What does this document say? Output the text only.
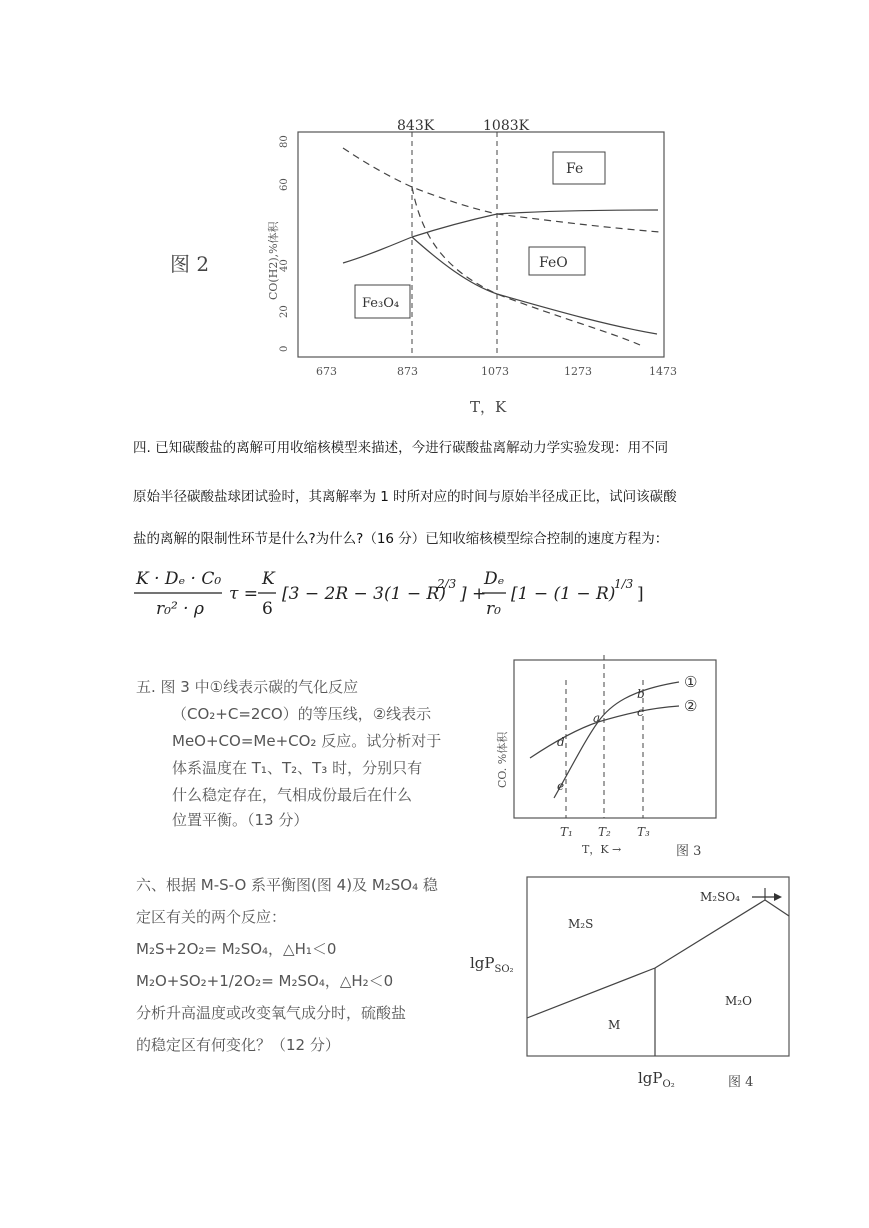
图 2	CO(H2),%体积
843K	1083K
0
20
40
60
80
673	873	1073	1273	1473
T，K
Fe
FeO
Fe₃O₄
四. 已知碳酸盐的离解可用收缩核模型来描述，今进行碳酸盐离解动力学实验发现：用不同
原始半径碳酸盐球团试验时，其离解率为 1 时所对应的时间与原始半径成正比，试问该碳酸
盐的离解的限制性环节是什么?为什么?（16 分）已知收缩核模型综合控制的速度方程为：
K · Dₑ · C₀
r₀² · ρ
τ =
K
6
[3 − 2R − 3(1 − R)
2/3 ] +
Dₑ
r₀
[1 − (1 − R)
1/3 ]
五. 图 3 中①线表示碳的气化反应
（CO₂+C=2CO）的等压线，②线表示
MeO+CO=Me+CO₂ 反应。试分析对于
体系温度在 T₁、T₂、T₃ 时，分别只有
什么稳定存在，气相成份最后在什么
位置平衡。（13 分）
CO. %体积
①
②
a
b
c
d
e
T₁ T₂ T₃
T，K →	图 3
六、根据 M-S-O 系平衡图(图 4)及 M₂SO₄ 稳
定区有关的两个反应：
M₂S+2O₂= M₂SO₄，△H₁＜0
M₂O+SO₂+1/2O₂= M₂SO₄，△H₂＜0
分析升高温度或改变氧气成分时，硫酸盐
的稳定区有何变化？（12 分）
M₂S
M₂SO₄
M₂O
M
lgP$_{SO_2}$
lgP$_{O_2}$	图 4
